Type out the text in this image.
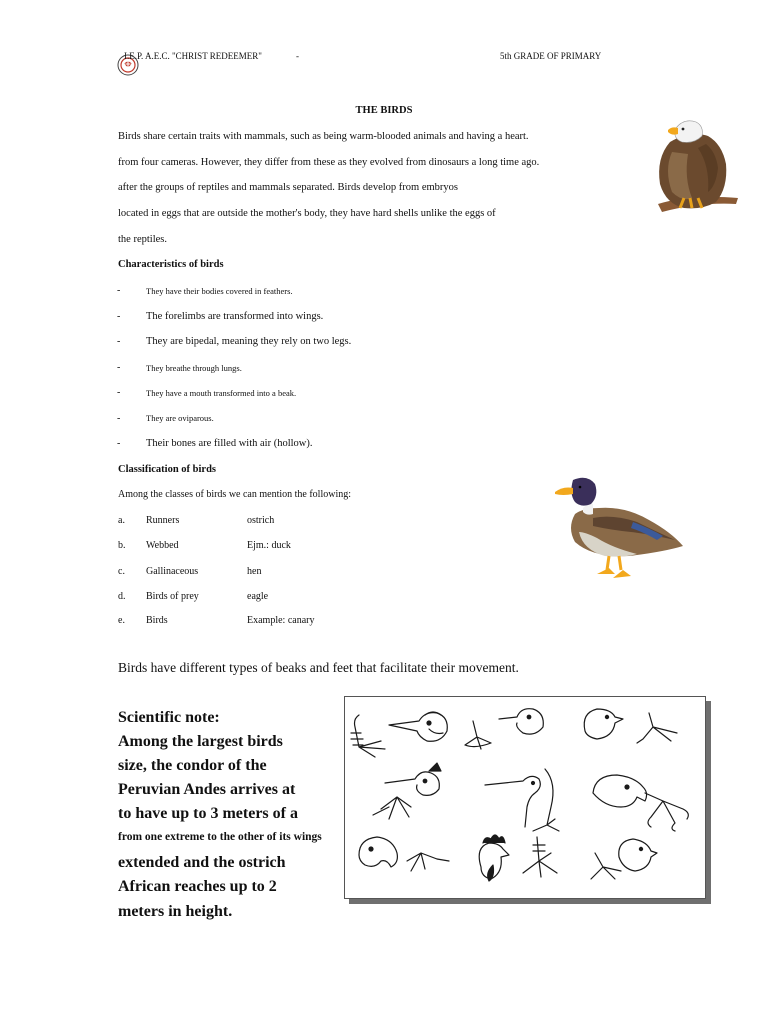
I.E.P. A.E.C. "CHRIST REDEEMER"	-	5th GRADE OF PRIMARY
THE BIRDS
Birds share certain traits with mammals, such as being warm-blooded animals and having a heart.
from four cameras. However, they differ from these as they evolved from dinosaurs a long time ago.
after the groups of reptiles and mammals separated. Birds develop from embryos
located in eggs that are outside the mother's body, they have hard shells unlike the eggs of
the reptiles.
Characteristics of birds
-	They have their bodies covered in feathers.
- The forelimbs are transformed into wings.
- They are bipedal, meaning they rely on two legs.
-	They breathe through lungs.
-	They have a mouth transformed into a beak.
-	They are oviparous.
- Their bones are filled with air (hollow).
Classification of birds
Among the classes of birds we can mention the following:
a. Runners	ostrich
b. Webbed	Ejm.: duck
c. Gallinaceous	hen
d. Birds of prey	eagle
e. Birds	Example: canary
Birds have different types of beaks and feet that facilitate their movement.
Scientific note:
Among the largest birds
size, the condor of the
Peruvian Andes arrives at
to have up to 3 meters of a
from one extreme to the other of its wings
extended and the ostrich
African reaches up to 2
meters in height.
